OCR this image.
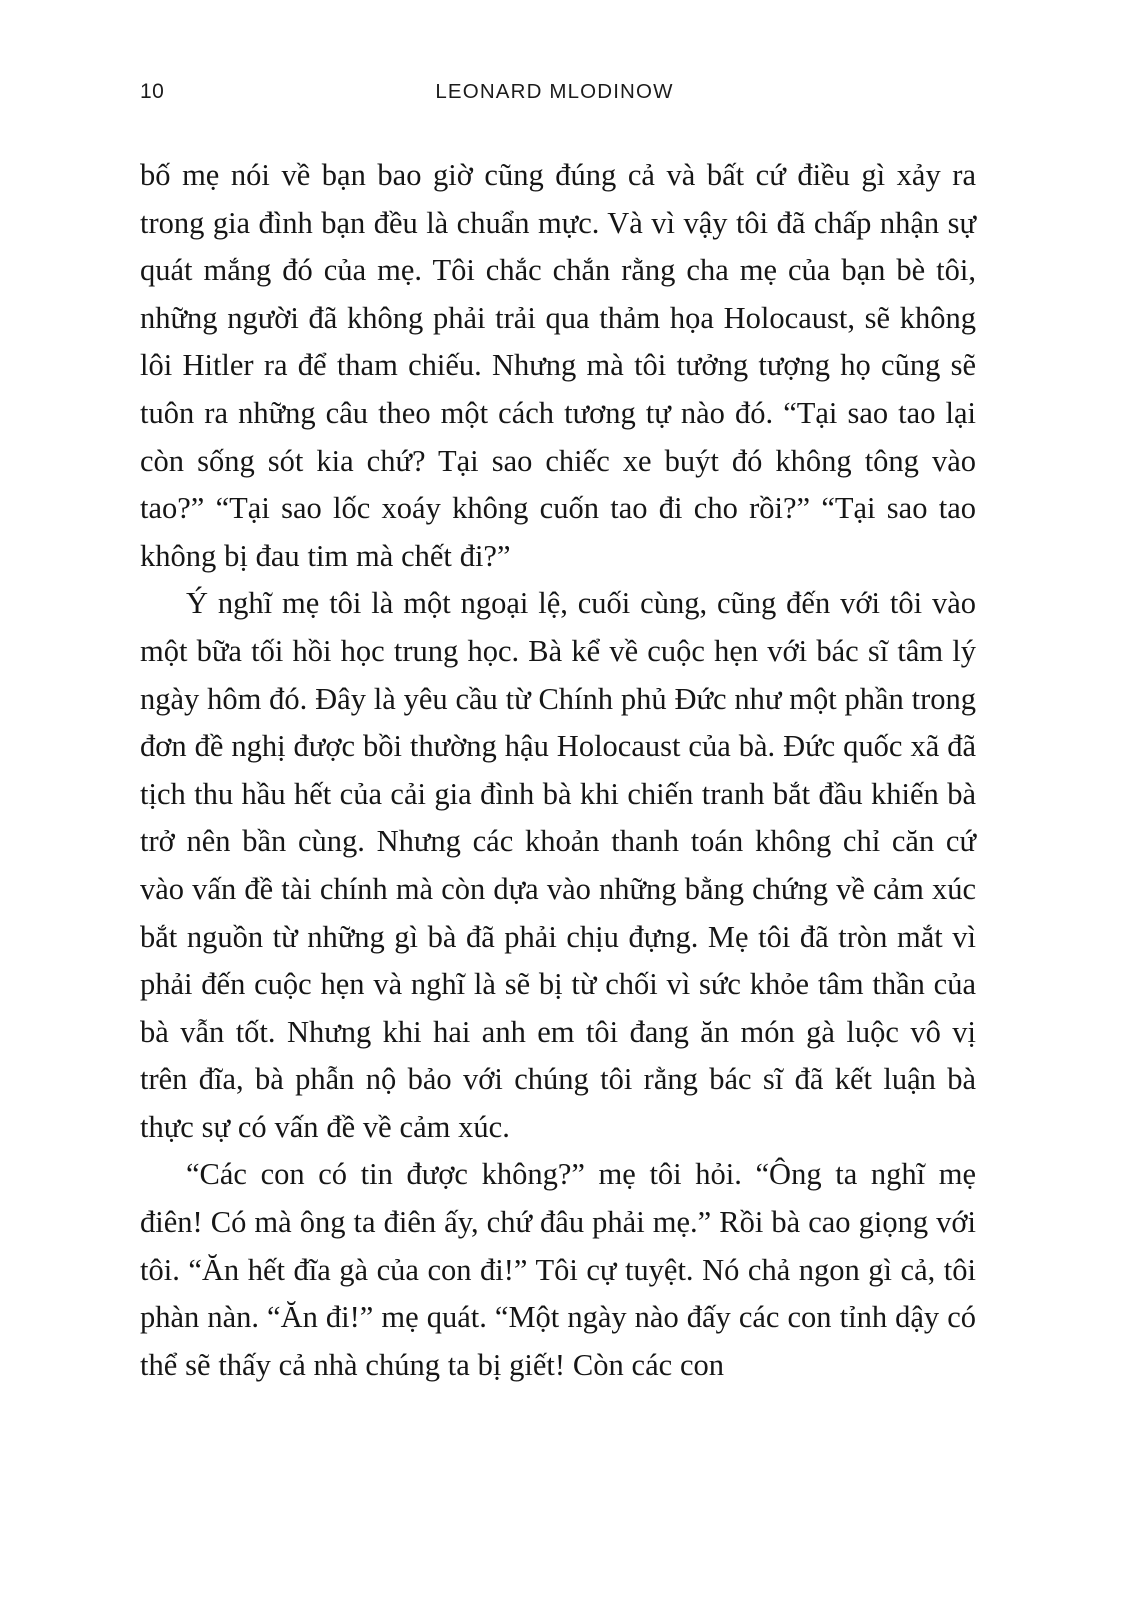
10	LEONARD MLODINOW

bố mẹ nói về bạn bao giờ cũng đúng cả và bất cứ điều gì xảy ra trong gia đình bạn đều là chuẩn mực. Và vì vậy tôi đã chấp nhận sự quát mắng đó của mẹ. Tôi chắc chắn rằng cha mẹ của bạn bè tôi, những người đã không phải trải qua thảm họa Holocaust, sẽ không lôi Hitler ra để tham chiếu. Nhưng mà tôi tưởng tượng họ cũng sẽ tuôn ra những câu theo một cách tương tự nào đó. “Tại sao tao lại còn sống sót kia chứ? Tại sao chiếc xe buýt đó không tông vào tao?” “Tại sao lốc xoáy không cuốn tao đi cho rồi?” “Tại sao tao không bị đau tim mà chết đi?”

Ý nghĩ mẹ tôi là một ngoại lệ, cuối cùng, cũng đến với tôi vào một bữa tối hồi học trung học. Bà kể về cuộc hẹn với bác sĩ tâm lý ngày hôm đó. Đây là yêu cầu từ Chính phủ Đức như một phần trong đơn đề nghị được bồi thường hậu Holocaust của bà. Đức quốc xã đã tịch thu hầu hết của cải gia đình bà khi chiến tranh bắt đầu khiến bà trở nên bần cùng. Nhưng các khoản thanh toán không chỉ căn cứ vào vấn đề tài chính mà còn dựa vào những bằng chứng về cảm xúc bắt nguồn từ những gì bà đã phải chịu đựng. Mẹ tôi đã tròn mắt vì phải đến cuộc hẹn và nghĩ là sẽ bị từ chối vì sức khỏe tâm thần của bà vẫn tốt. Nhưng khi hai anh em tôi đang ăn món gà luộc vô vị trên đĩa, bà phẫn nộ bảo với chúng tôi rằng bác sĩ đã kết luận bà thực sự có vấn đề về cảm xúc.

“Các con có tin được không?” mẹ tôi hỏi. “Ông ta nghĩ mẹ điên! Có mà ông ta điên ấy, chứ đâu phải mẹ.” Rồi bà cao giọng với tôi. “Ăn hết đĩa gà của con đi!” Tôi cự tuyệt. Nó chả ngon gì cả, tôi phàn nàn. “Ăn đi!” mẹ quát. “Một ngày nào đấy các con tỉnh dậy có thể sẽ thấy cả nhà chúng ta bị giết! Còn các con
